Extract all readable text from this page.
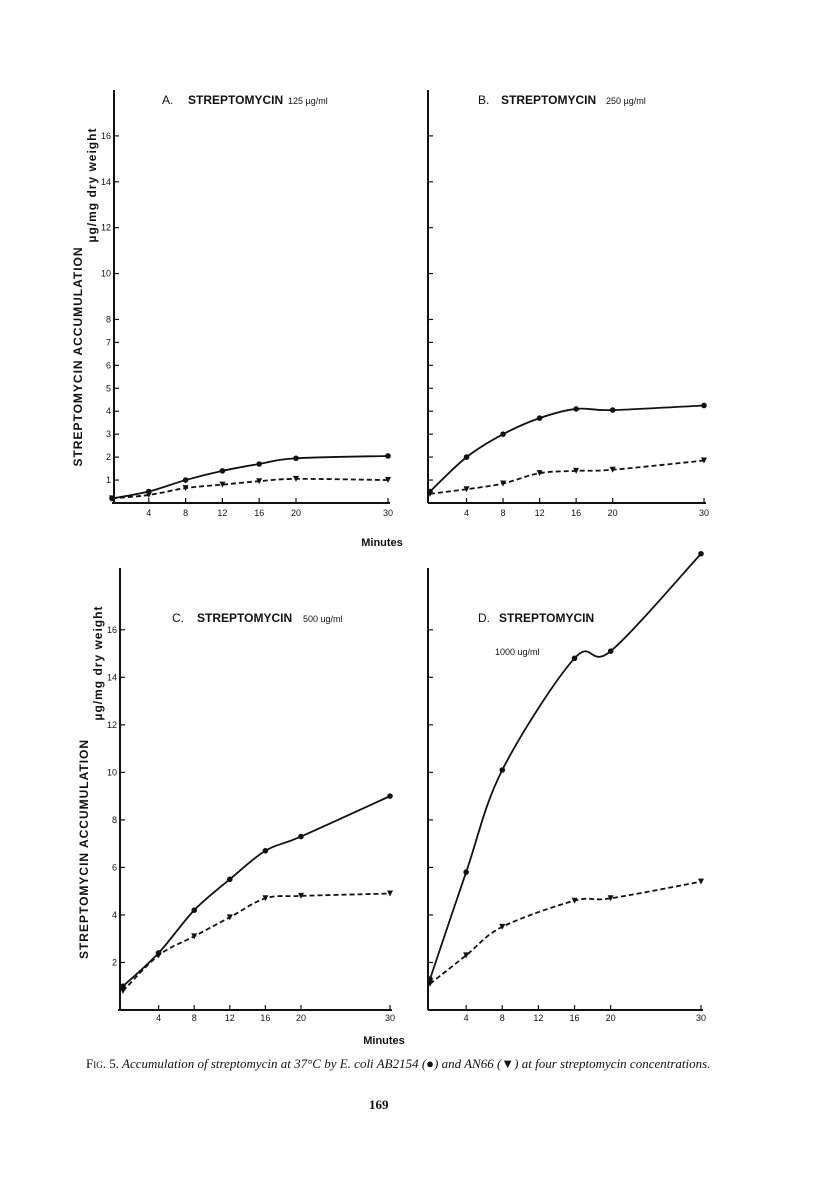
4	8	12	16	20	30
1
2
3
4
5
6
7
8
10
12
14
16
A. STREPTOMYCIN 125 µg/ml
STREPTOMYCIN ACCUMULATION
µg/mg dry weight
Minutes
4	8	12	16	20	30
B. STREPTOMYCIN 250 µg/ml
4	8	12	16	20	30
2
4
6
8
10
12
14
16
C. STREPTOMYCIN 500 ug/ml
STREPTOMYCIN ACCUMULATION
µg/mg dry weight
Minutes
4	8	12	16	20	30
D. STREPTOMYCIN
1000 ug/ml
Fig. 5. Accumulation of streptomycin at 37°C by E. coli AB2154 (●) and AN66 (▼) at four streptomycin concentrations.
169
